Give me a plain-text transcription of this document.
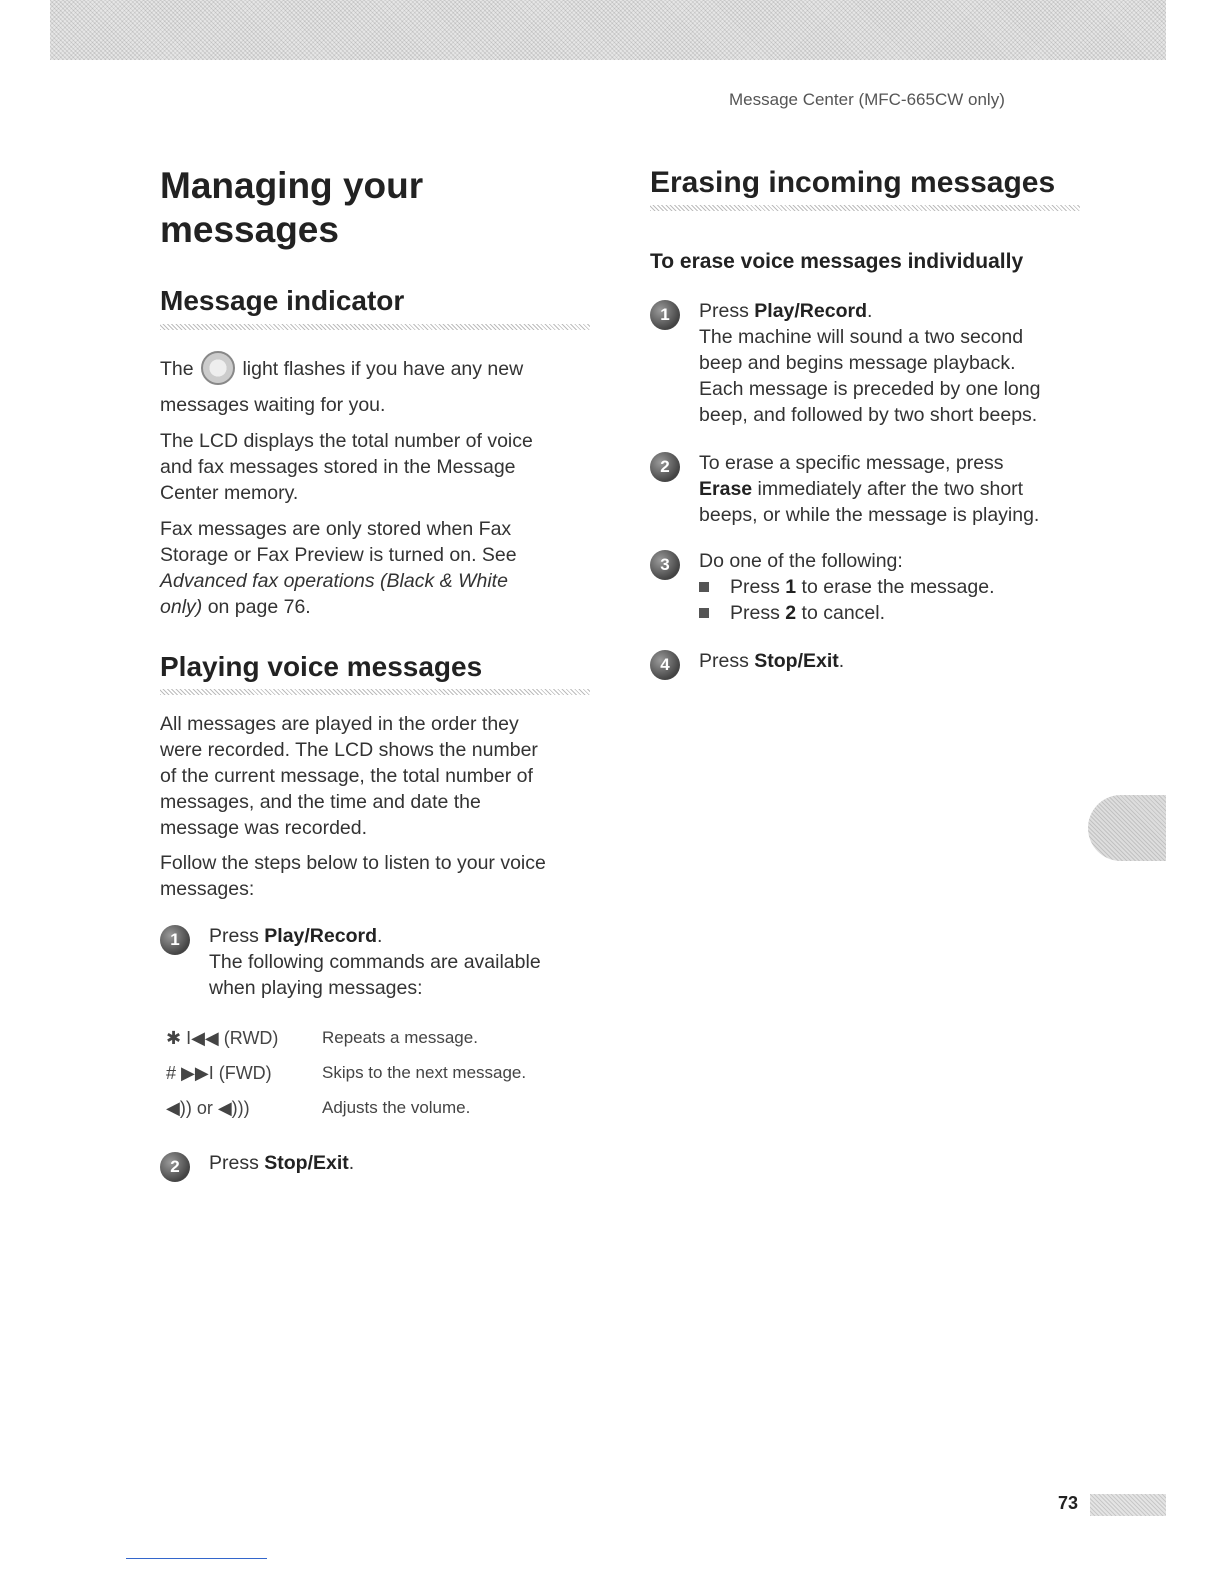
Message Center (MFC-665CW only)
Managing your
messages
Message indicator
The	light flashes if you have any new
messages waiting for you.
The LCD displays the total number of voice
and fax messages stored in the Message
Center memory.
Fax messages are only stored when Fax
Storage or Fax Preview is turned on. See
Advanced fax operations (Black & White
only) on page 76.
Playing voice messages
All messages are played in the order they
were recorded. The LCD shows the number
of the current message, the total number of
messages, and the time and date the
message was recorded.
Follow the steps below to listen to your voice
messages:
1	Press Play/Record.
The following commands are available
when playing messages:
✱ I◀◀ (RWD)	Repeats a message.
# ▶▶I (FWD)	Skips to the next message.
◀)) or ◀)))	Adjusts the volume.
2	Press Stop/Exit.
Erasing incoming messages
To erase voice messages individually
1	Press Play/Record.
The machine will sound a two second
beep and begins message playback.
Each message is preceded by one long
beep, and followed by two short beeps.
2	To erase a specific message, press
Erase immediately after the two short
beeps, or while the message is playing.
3	Do one of the following:
Press 1 to erase the message.
Press 2 to cancel.
4	Press Stop/Exit.
73
